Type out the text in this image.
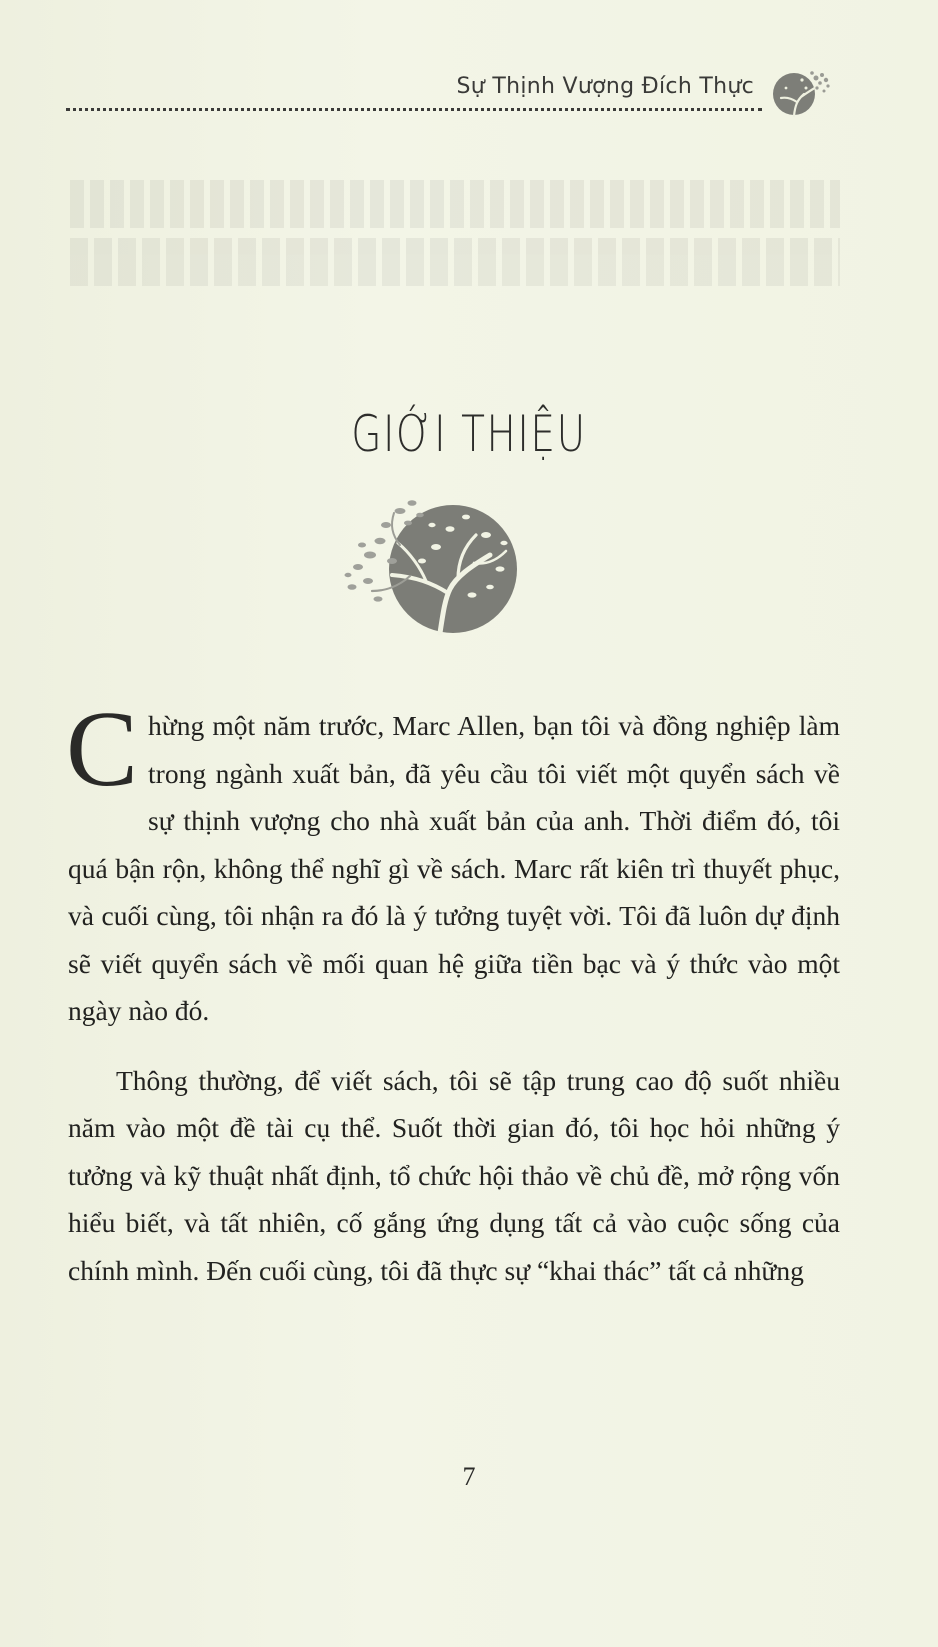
Sự Thịnh Vượng Đích Thực
GIỚI THIỆU

Chừng một năm trước, Marc Allen, bạn tôi và đồng nghiệp làm trong ngành xuất bản, đã yêu cầu tôi viết một quyển sách về sự thịnh vượng cho nhà xuất bản của anh. Thời điểm đó, tôi quá bận rộn, không thể nghĩ gì về sách. Marc rất kiên trì thuyết phục, và cuối cùng, tôi nhận ra đó là ý tưởng tuyệt vời. Tôi đã luôn dự định sẽ viết quyển sách về mối quan hệ giữa tiền bạc và ý thức vào một ngày nào đó.

Thông thường, để viết sách, tôi sẽ tập trung cao độ suốt nhiều năm vào một đề tài cụ thể. Suốt thời gian đó, tôi học hỏi những ý tưởng và kỹ thuật nhất định, tổ chức hội thảo về chủ đề, mở rộng vốn hiểu biết, và tất nhiên, cố gắng ứng dụng tất cả vào cuộc sống của chính mình. Đến cuối cùng, tôi đã thực sự “khai thác” tất cả những

7
